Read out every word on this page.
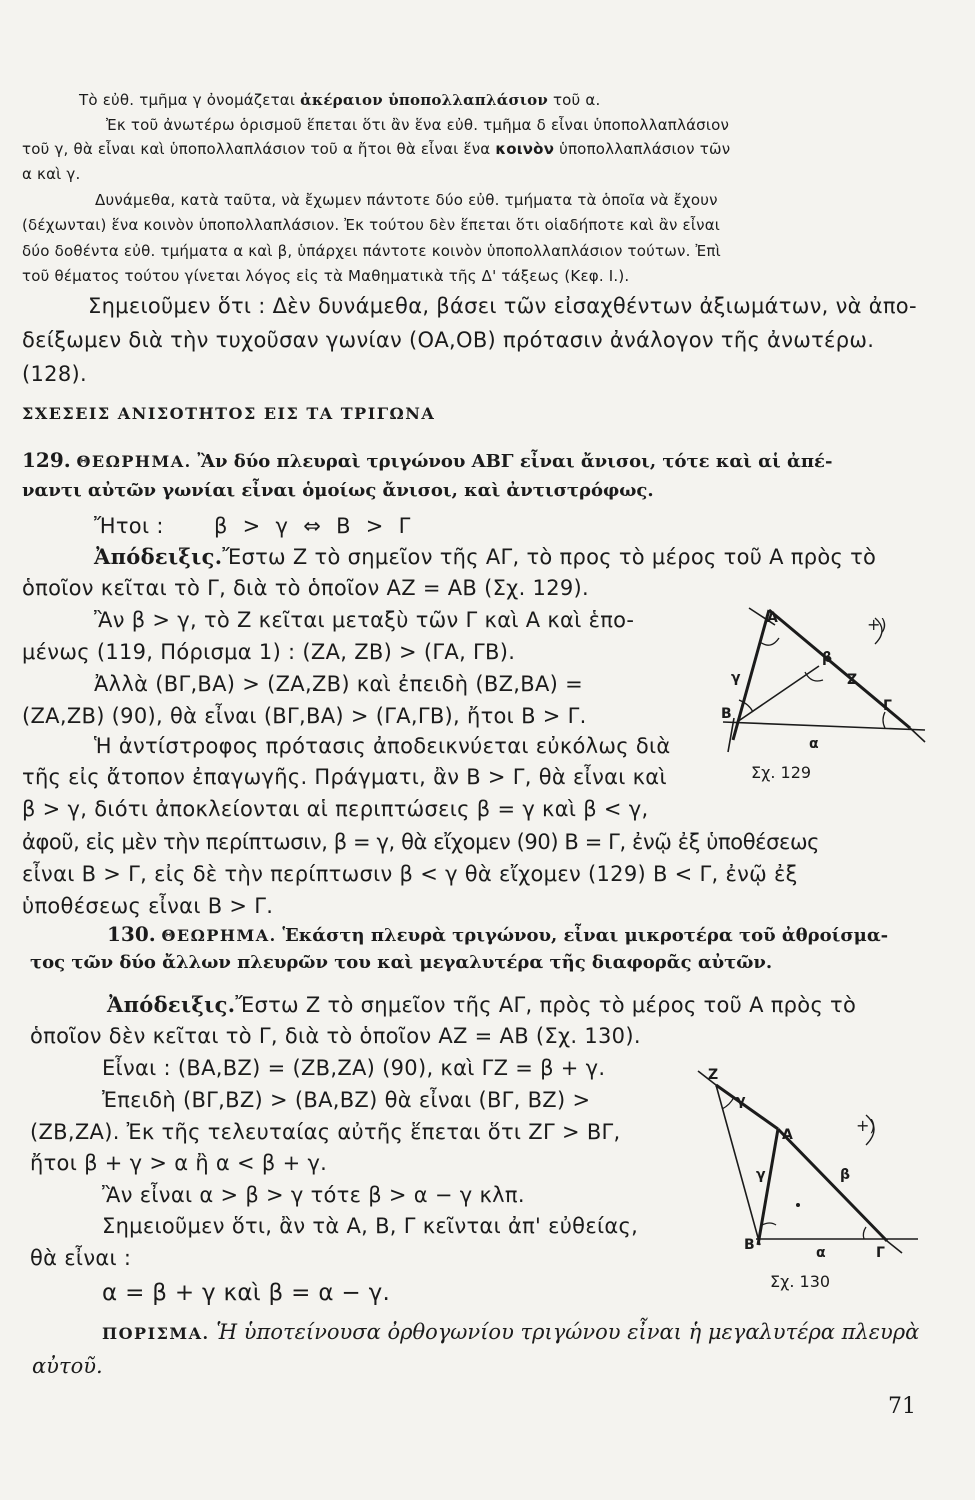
Τὸ εὐθ. τμῆμα γ ὀνομάζεται ἀκέραιον ὑποπολλαπλάσιον τοῦ α.

Ἐκ τοῦ ἀνωτέρω ὁρισμοῦ ἕπεται ὅτι ἂν ἕνα εὐθ. τμῆμα δ εἶναι ὑποπολλαπλάσιον

τοῦ γ, θὰ εἶναι καὶ ὑποπολλαπλάσιον τοῦ α ἤτοι θὰ εἶναι ἕνα κοινὸν ὑποπολλαπλάσιον τῶν

α καὶ γ.

Δυνάμεθα, κατὰ ταῦτα, νὰ ἔχωμεν πάντοτε δύο εὐθ. τμήματα τὰ ὁποῖα νὰ ἔχουν

(δέχωνται) ἕνα κοινὸν ὑποπολλαπλάσιον. Ἐκ τούτου δὲν ἕπεται ὅτι οἱαδήποτε καὶ ἂν εἶναι

δύο δοθέντα εὐθ. τμήματα α καὶ β, ὑπάρχει πάντοτε κοινὸν ὑποπολλαπλάσιον τούτων. Ἐπὶ

τοῦ θέματος τούτου γίνεται λόγος εἰς τὰ Μαθηματικὰ τῆς Δ' τάξεως (Κεφ. Ι.).

Σημειοῦμεν ὅτι : Δὲν δυνάμεθα, βάσει τῶν εἰσαχθέντων ἀξιωμάτων, νὰ ἀπο-

δείξωμεν διὰ τὴν τυχοῦσαν γωνίαν (ΟΑ,ΟΒ) πρότασιν ἀνάλογον τῆς ἀνωτέρω.

(128).

ΣΧΕΣΕΙΣ ΑΝΙΣΟΤΗΤΟΣ ΕΙΣ ΤΑ ΤΡΙΓΩΝΑ

129. ΘΕΩΡΗΜΑ. Ἂν δύο πλευραὶ τριγώνου ΑΒΓ εἶναι ἄνισοι, τότε καὶ αἱ ἀπέ-

ναντι αὐτῶν γωνίαι εἶναι ὁμοίως ἄνισοι, καὶ ἀντιστρόφως.

Ἤτοι : β > γ ⇔ Β > Γ

Ἀπόδειξις.Ἔστω Ζ τὸ σημεῖον τῆς ΑΓ, τὸ προς τὸ μέρος τοῦ Α πρὸς τὸ

ὁποῖον κεῖται τὸ Γ, διὰ τὸ ὁποῖον ΑΖ = ΑΒ (Σχ. 129).

Ἂν β > γ, τὸ Ζ κεῖται μεταξὺ τῶν Γ καὶ Α καὶ ἑπο-

μένως (119, Πόρισμα 1) : (ΖΑ, ΖΒ) > (ΓΑ, ΓΒ).

Ἀλλὰ (ΒΓ,ΒΑ) > (ΖΑ,ΖΒ) καὶ ἐπειδὴ (ΒΖ,ΒΑ) =

(ΖΑ,ΖΒ) (90), θὰ εἶναι (ΒΓ,ΒΑ) > (ΓΑ,ΓΒ), ἤτοι Β > Γ.

Ἡ ἀντίστροφος πρότασις ἀποδεικνύεται εὐκόλως διὰ

τῆς εἰς ἄτοπον ἐπαγωγῆς. Πράγματι, ἂν Β > Γ, θὰ εἶναι καὶ

β > γ, διότι ἀποκλείονται αἱ περιπτώσεις β = γ καὶ β < γ,

ἀφοῦ, εἰς μὲν τὴν περίπτωσιν, β = γ, θὰ εἴχομεν (90) Β = Γ, ἐνῷ ἐξ ὑποθέσεως

εἶναι Β > Γ, εἰς δὲ τὴν περίπτωσιν β < γ θὰ εἴχομεν (129) Β < Γ, ἐνῷ ἐξ

ὑποθέσεως εἶναι Β > Γ.

A	+)
β
γ	Z
B	Γ
α
Σχ. 129

130. ΘΕΩΡΗΜΑ. Ἑκάστη πλευρὰ τριγώνου, εἶναι μικροτέρα τοῦ ἀθροίσμα-

τος τῶν δύο ἄλλων πλευρῶν του καὶ μεγαλυτέρα τῆς διαφορᾶς αὐτῶν.

Ἀπόδειξις.Ἔστω Ζ τὸ σημεῖον τῆς ΑΓ, πρὸς τὸ μέρος τοῦ Α πρὸς τὸ

ὁποῖον δὲν κεῖται τὸ Γ, διὰ τὸ ὁποῖον ΑΖ = ΑΒ (Σχ. 130).

Εἶναι : (ΒΑ,ΒΖ) = (ΖΒ,ΖΑ) (90), καὶ ΓΖ = β + γ.

Ἐπειδὴ (ΒΓ,ΒΖ) > (ΒΑ,ΒΖ) θὰ εἶναι (ΒΓ, ΒΖ) >

(ΖΒ,ΖΑ). Ἐκ τῆς τελευταίας αὐτῆς ἕπεται ὅτι ΖΓ > ΒΓ,

ἤτοι β + γ > α ἢ α < β + γ.

Ἂν εἶναι α > β > γ τότε β > α − γ κλπ.

Σημειοῦμεν ὅτι, ἂν τὰ Α, Β, Γ κεῖνται ἀπ' εὐθείας,

θὰ εἶναι :

α = β + γ καὶ β = α − γ.

Z
γ
A	+)
γ	β
B	α	Γ
Σχ. 130

ΠΟΡΙΣΜΑ. Ἡ ὑποτείνουσα ὀρθογωνίου τριγώνου εἶναι ἡ μεγαλυτέρα πλευρὰ

αὐτοῦ.

71
